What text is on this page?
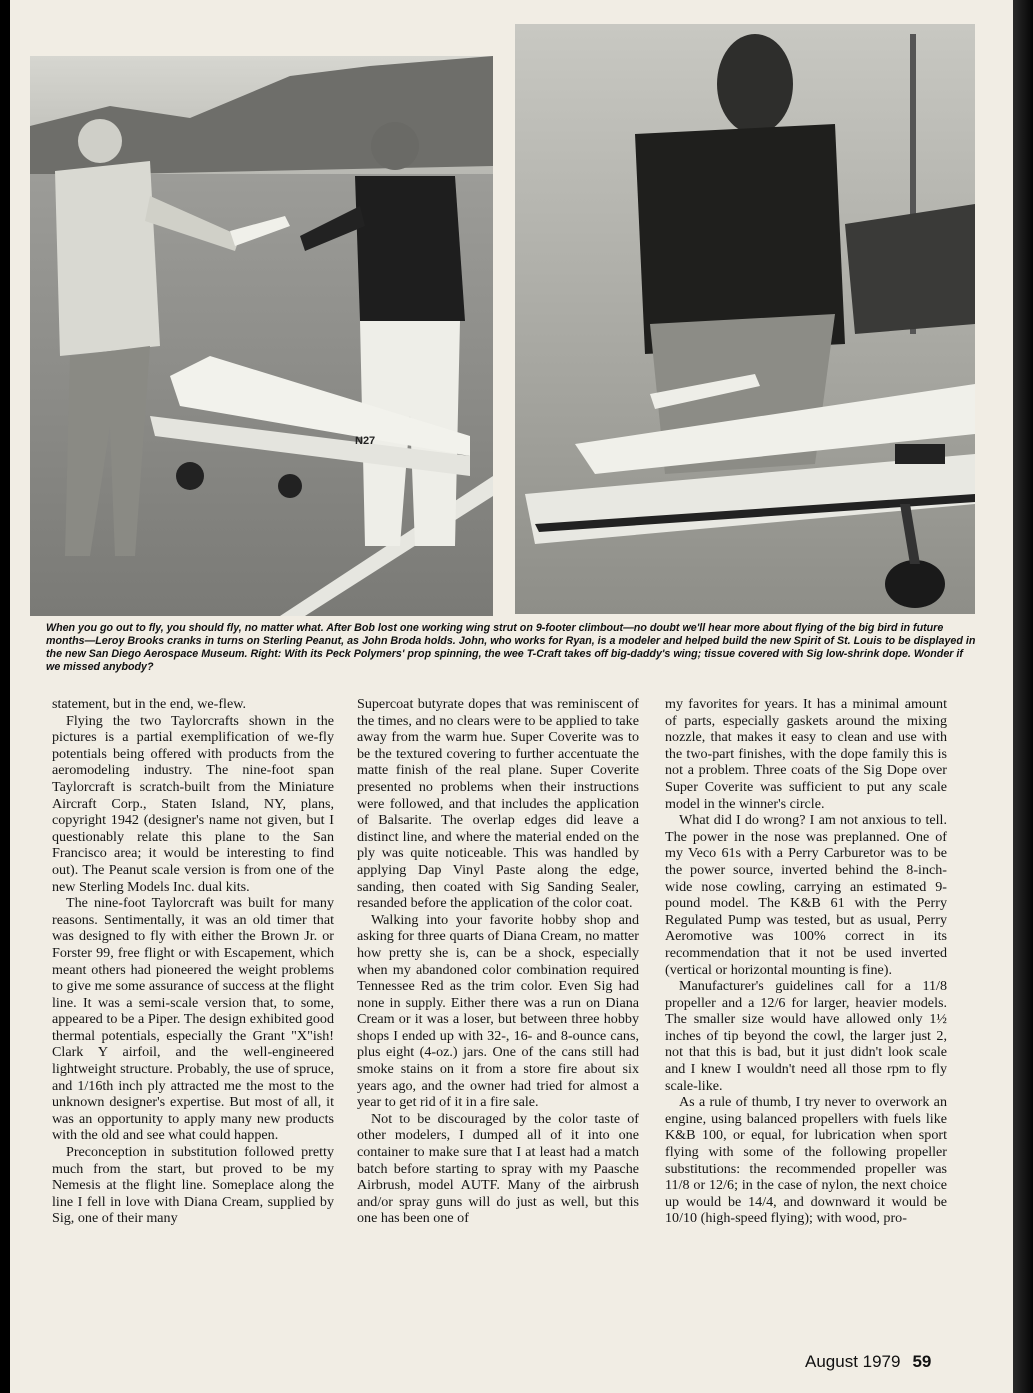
N27
When you go out to fly, you should fly, no matter what. After Bob lost one working wing strut on 9-footer climbout—no doubt we'll hear more about flying of the big bird in future months—Leroy Brooks cranks in turns on Sterling Peanut, as John Broda holds. John, who works for Ryan, is a modeler and helped build the new Spirit of St. Louis to be displayed in the new San Diego Aerospace Museum. Right: With its Peck Polymers' prop spinning, the wee T-Craft takes off big-daddy's wing; tissue covered with Sig low-shrink dope. Wonder if we missed anybody?

statement, but in the end, we-flew.

Flying the two Taylorcrafts shown in the pictures is a partial exemplification of we-fly potentials being offered with products from the aeromodeling industry. The nine-foot span Taylorcraft is scratch-built from the Miniature Aircraft Corp., Staten Island, NY, plans, copyright 1942 (designer's name not given, but I questionably relate this plane to the San Francisco area; it would be interesting to find out). The Peanut scale version is from one of the new Sterling Models Inc. dual kits.

The nine-foot Taylorcraft was built for many reasons. Sentimentally, it was an old timer that was designed to fly with either the Brown Jr. or Forster 99, free flight or with Escapement, which meant others had pioneered the weight problems to give me some assurance of success at the flight line. It was a semi-scale version that, to some, appeared to be a Piper. The design exhibited good thermal potentials, especially the Grant "X"ish! Clark Y airfoil, and the well-engineered lightweight structure. Probably, the use of spruce, and 1/16th inch ply attracted me the most to the unknown designer's expertise. But most of all, it was an opportunity to apply many new products with the old and see what could happen.

Preconception in substitution followed pretty much from the start, but proved to be my Nemesis at the flight line. Someplace along the line I fell in love with Diana Cream, supplied by Sig, one of their many

Supercoat butyrate dopes that was reminiscent of the times, and no clears were to be applied to take away from the warm hue. Super Coverite was to be the textured covering to further accentuate the matte finish of the real plane. Super Coverite presented no problems when their instructions were followed, and that includes the application of Balsarite. The overlap edges did leave a distinct line, and where the material ended on the ply was quite noticeable. This was handled by applying Dap Vinyl Paste along the edge, sanding, then coated with Sig Sanding Sealer, resanded before the application of the color coat.

Walking into your favorite hobby shop and asking for three quarts of Diana Cream, no matter how pretty she is, can be a shock, especially when my abandoned color combination required Tennessee Red as the trim color. Even Sig had none in supply. Either there was a run on Diana Cream or it was a loser, but between three hobby shops I ended up with 32-, 16- and 8-ounce cans, plus eight (4-oz.) jars. One of the cans still had smoke stains on it from a store fire about six years ago, and the owner had tried for almost a year to get rid of it in a fire sale.

Not to be discouraged by the color taste of other modelers, I dumped all of it into one container to make sure that I at least had a match batch before starting to spray with my Paasche Airbrush, model AUTF. Many of the airbrush and/or spray guns will do just as well, but this one has been one of

my favorites for years. It has a minimal amount of parts, especially gaskets around the mixing nozzle, that makes it easy to clean and use with the two-part finishes, with the dope family this is not a problem. Three coats of the Sig Dope over Super Coverite was sufficient to put any scale model in the winner's circle.

What did I do wrong? I am not anxious to tell. The power in the nose was preplanned. One of my Veco 61s with a Perry Carburetor was to be the power source, inverted behind the 8-inch-wide nose cowling, carrying an estimated 9-pound model. The K&B 61 with the Perry Regulated Pump was tested, but as usual, Perry Aeromotive was 100% correct in its recommendation that it not be used inverted (vertical or horizontal mounting is fine).

Manufacturer's guidelines call for a 11/8 propeller and a 12/6 for larger, heavier models. The smaller size would have allowed only 1½ inches of tip beyond the cowl, the larger just 2, not that this is bad, but it just didn't look scale and I knew I wouldn't need all those rpm to fly scale-like.

As a rule of thumb, I try never to overwork an engine, using balanced propellers with fuels like K&B 100, or equal, for lubrication when sport flying with some of the following propeller substitutions: the recommended propeller was 11/8 or 12/6; in the case of nylon, the next choice up would be 14/4, and downward it would be 10/10 (high-speed flying); with wood, pro-

August 1979 59
